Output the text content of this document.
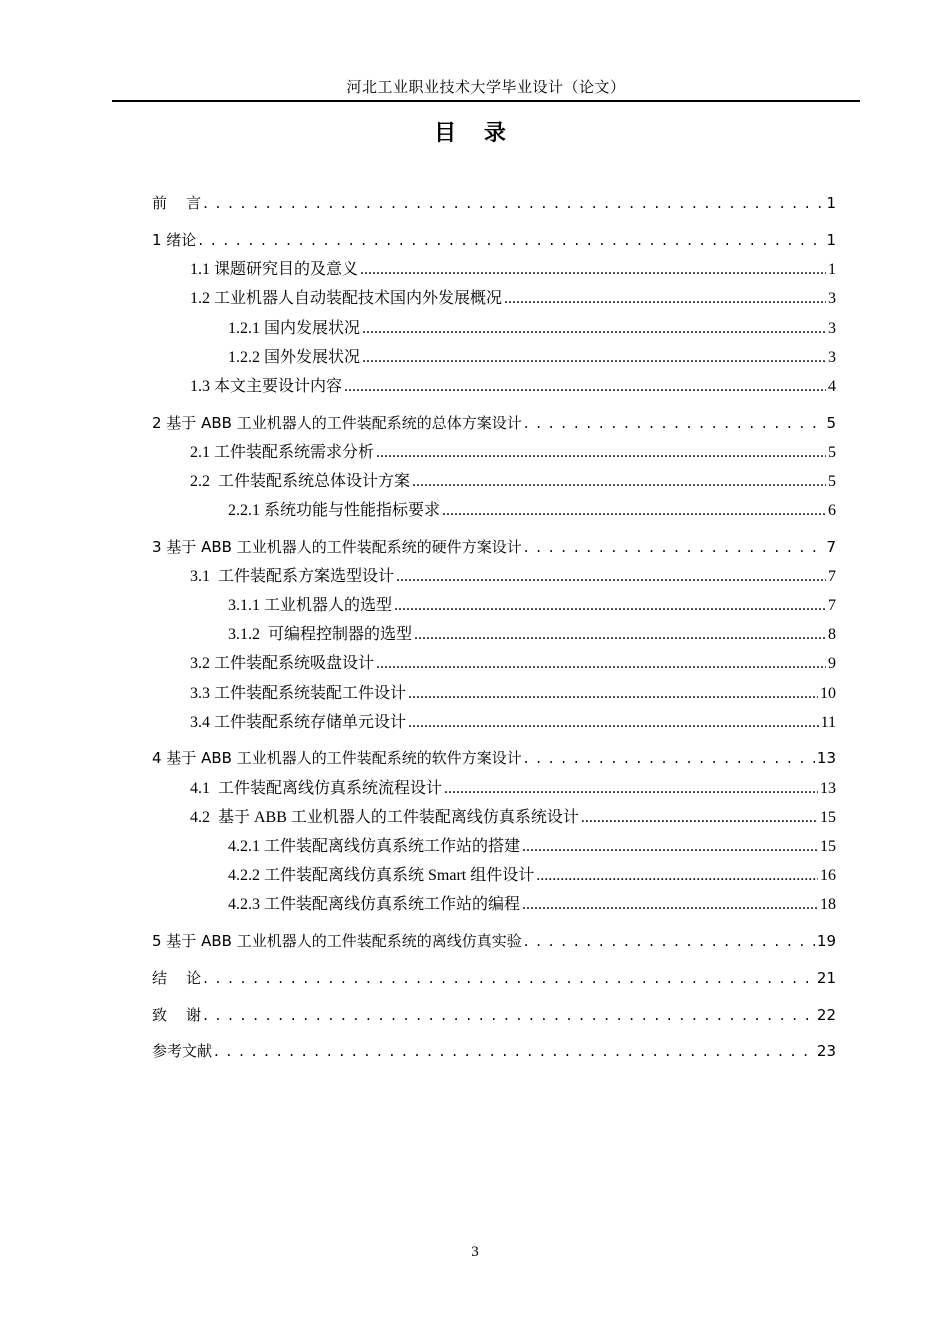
河北工业职业技术大学毕业设计（论文）
目 录
前    言 . . .	1
1 绪论 . . .	1
1.1 课题研究目的及意义 .....	1
1.2 工业机器人自动装配技术国内外发展概况 .....	3
1.2.1 国内发展状况 .....	3
1.2.2 国外发展状况 .....	3
1.3 本文主要设计内容 .....	4
2 基于 ABB 工业机器人的工件装配系统的总体方案设计 . . .	5
2.1 工件装配系统需求分析 .....	5
2.2  工件装配系统总体设计方案 .....	5
2.2.1 系统功能与性能指标要求 .....	6
3 基于 ABB 工业机器人的工件装配系统的硬件方案设计 . . .	7
3.1  工件装配系方案选型设计 .....	7
3.1.1 工业机器人的选型 .....	7
3.1.2  可编程控制器的选型 .....	8
3.2 工件装配系统吸盘设计 .....	9
3.3 工件装配系统装配工件设计 .....	10
3.4 工件装配系统存储单元设计 .....	11
4 基于 ABB 工业机器人的工件装配系统的软件方案设计 . . .	13
4.1  工件装配离线仿真系统流程设计 .....	13
4.2  基于 ABB 工业机器人的工件装配离线仿真系统设计 .....	15
4.2.1 工件装配离线仿真系统工作站的搭建 .....	15
4.2.2 工件装配离线仿真系统 Smart 组件设计 .....	16
4.2.3 工件装配离线仿真系统工作站的编程 .....	18
5 基于 ABB 工业机器人的工件装配系统的离线仿真实验 . . .	19
结    论 . . .	21
致    谢 . . .	22
参考文献 . . .	23
3
